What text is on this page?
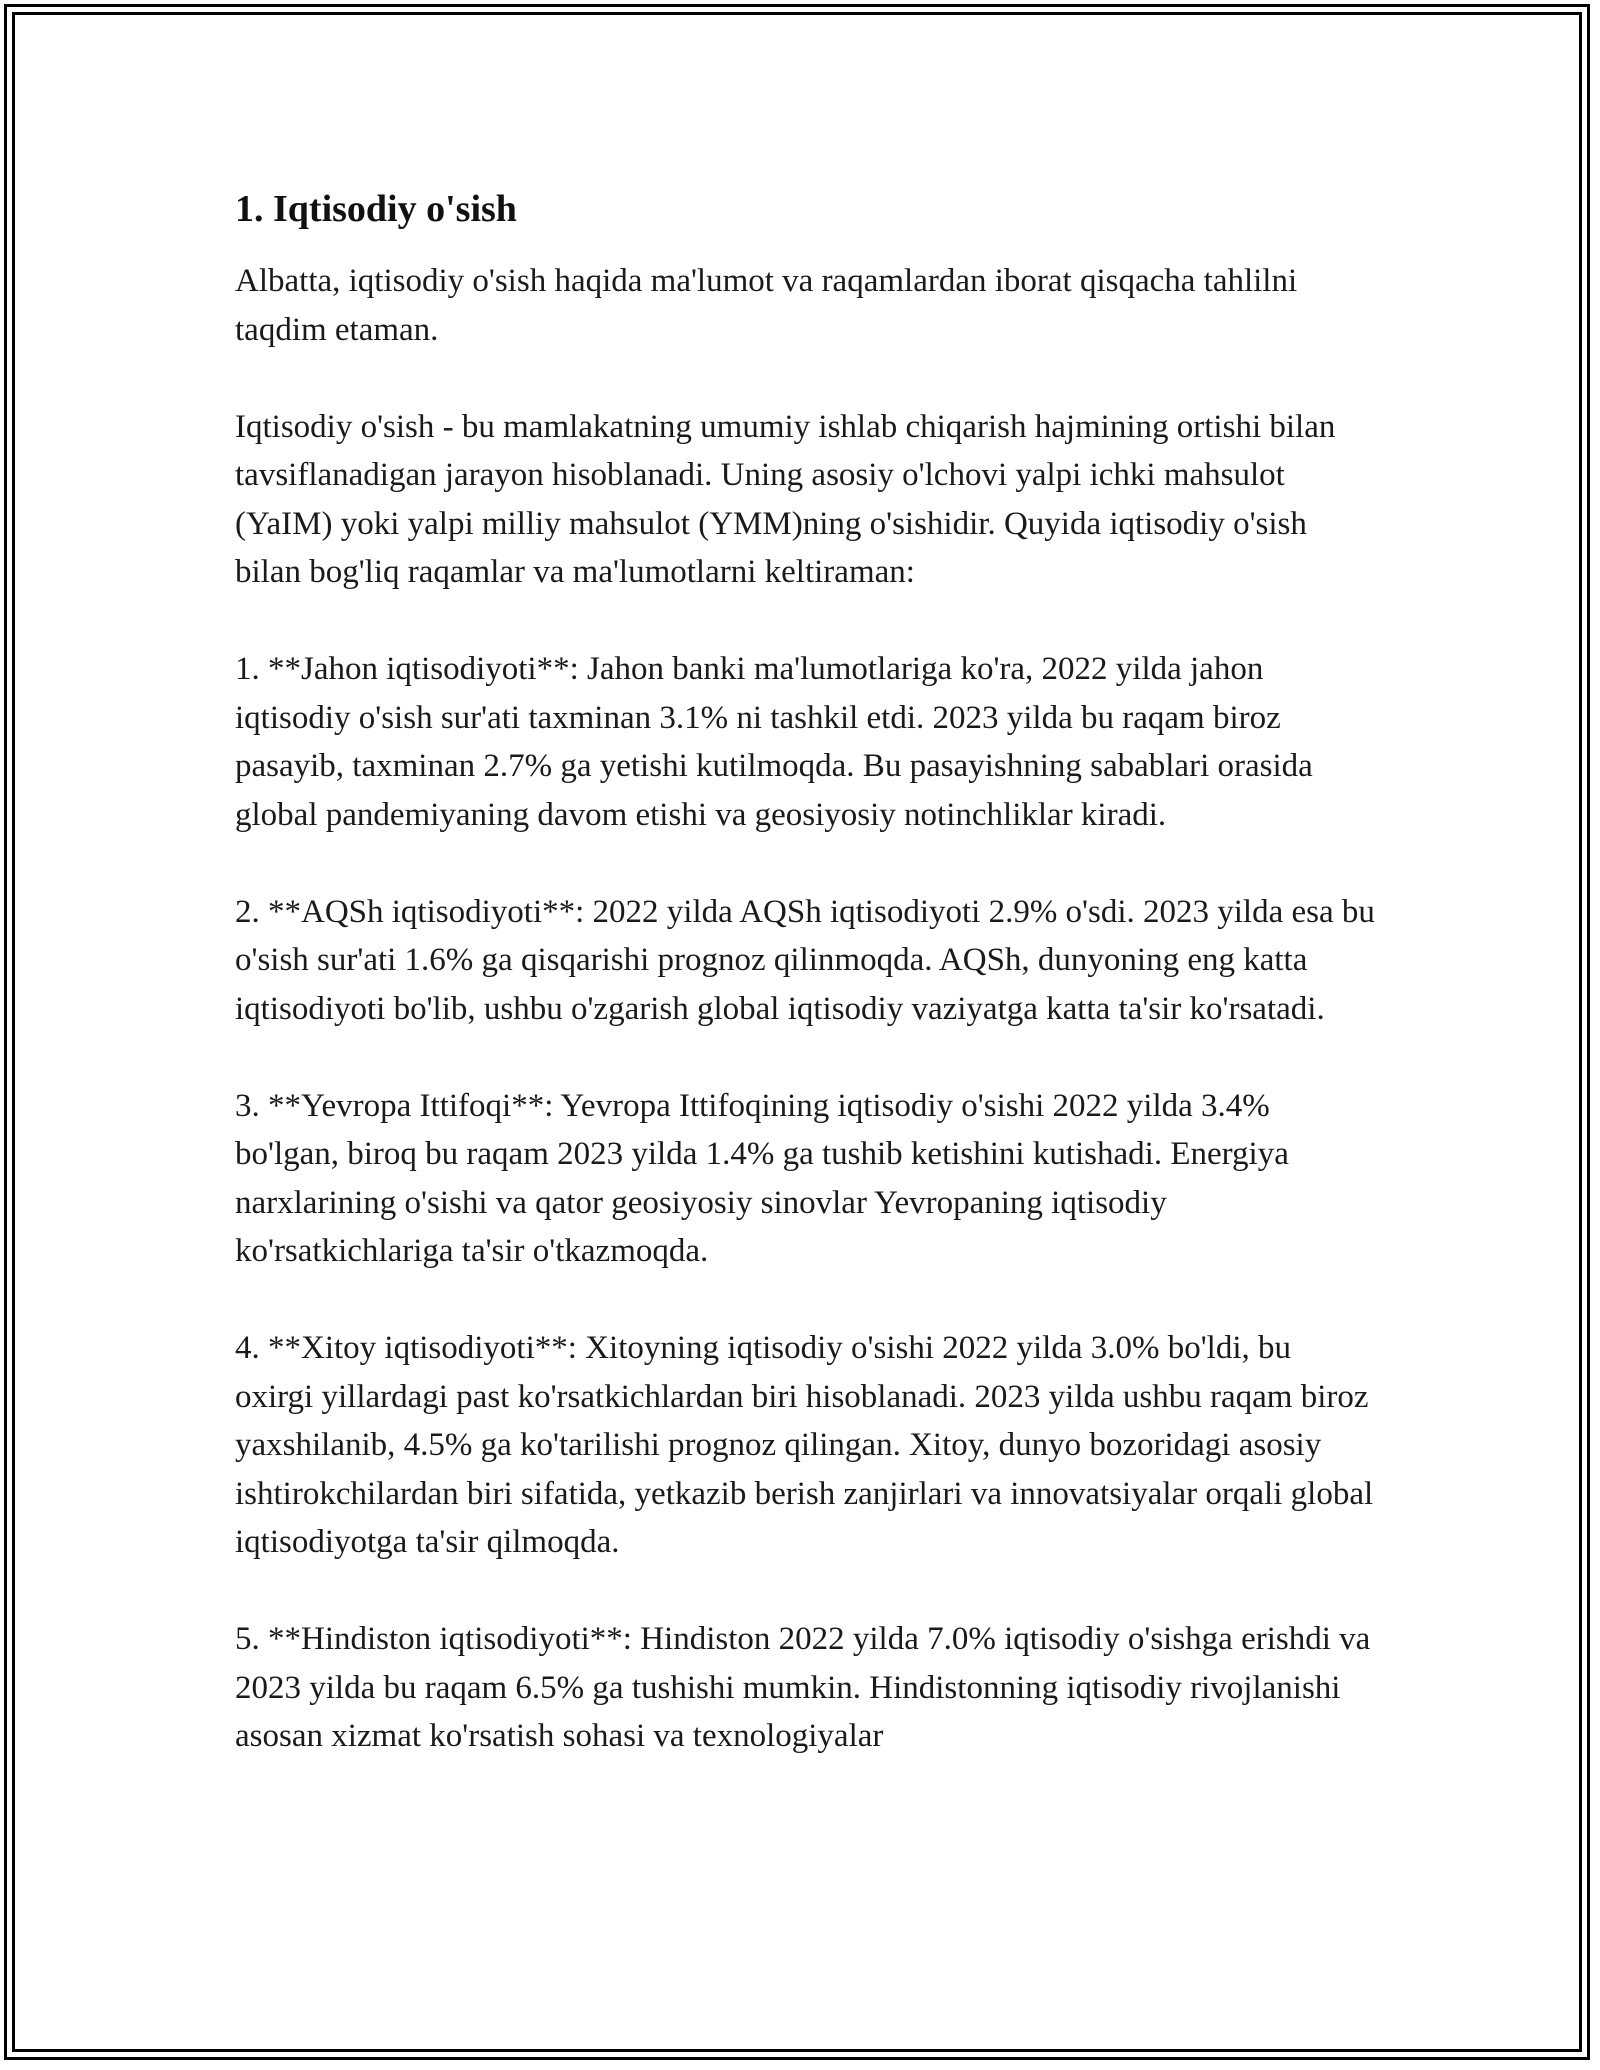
1. Iqtisodiy o'sish

Albatta, iqtisodiy o'sish haqida ma'lumot va raqamlardan iborat qisqacha tahlilni taqdim etaman.

Iqtisodiy o'sish - bu mamlakatning umumiy ishlab chiqarish hajmining ortishi bilan tavsiflanadigan jarayon hisoblanadi. Uning asosiy o'lchovi yalpi ichki mahsulot (YaIM) yoki yalpi milliy mahsulot (YMM)ning o'sishidir. Quyida iqtisodiy o'sish bilan bog'liq raqamlar va ma'lumotlarni keltiraman:

1. **Jahon iqtisodiyoti**: Jahon banki ma'lumotlariga ko'ra, 2022 yilda jahon iqtisodiy o'sish sur'ati taxminan 3.1% ni tashkil etdi. 2023 yilda bu raqam biroz pasayib, taxminan 2.7% ga yetishi kutilmoqda. Bu pasayishning sabablari orasida global pandemiyaning davom etishi va geosiyosiy notinchliklar kiradi.

2. **AQSh iqtisodiyoti**: 2022 yilda AQSh iqtisodiyoti 2.9% o'sdi. 2023 yilda esa bu o'sish sur'ati 1.6% ga qisqarishi prognoz qilinmoqda. AQSh, dunyoning eng katta iqtisodiyoti bo'lib, ushbu o'zgarish global iqtisodiy vaziyatga katta ta'sir ko'rsatadi.

3. **Yevropa Ittifoqi**: Yevropa Ittifoqining iqtisodiy o'sishi 2022 yilda 3.4% bo'lgan, biroq bu raqam 2023 yilda 1.4% ga tushib ketishini kutishadi. Energiya narxlarining o'sishi va qator geosiyosiy sinovlar Yevropaning iqtisodiy ko'rsatkichlariga ta'sir o'tkazmoqda.

4. **Xitoy iqtisodiyoti**: Xitoyning iqtisodiy o'sishi 2022 yilda 3.0% bo'ldi, bu oxirgi yillardagi past ko'rsatkichlardan biri hisoblanadi. 2023 yilda ushbu raqam biroz yaxshilanib, 4.5% ga ko'tarilishi prognoz qilingan. Xitoy, dunyo bozoridagi asosiy ishtirokchilardan biri sifatida, yetkazib berish zanjirlari va innovatsiyalar orqali global iqtisodiyotga ta'sir qilmoqda.

5. **Hindiston iqtisodiyoti**: Hindiston 2022 yilda 7.0% iqtisodiy o'sishga erishdi va 2023 yilda bu raqam 6.5% ga tushishi mumkin. Hindistonning iqtisodiy rivojlanishi asosan xizmat ko'rsatish sohasi va texnologiyalar
